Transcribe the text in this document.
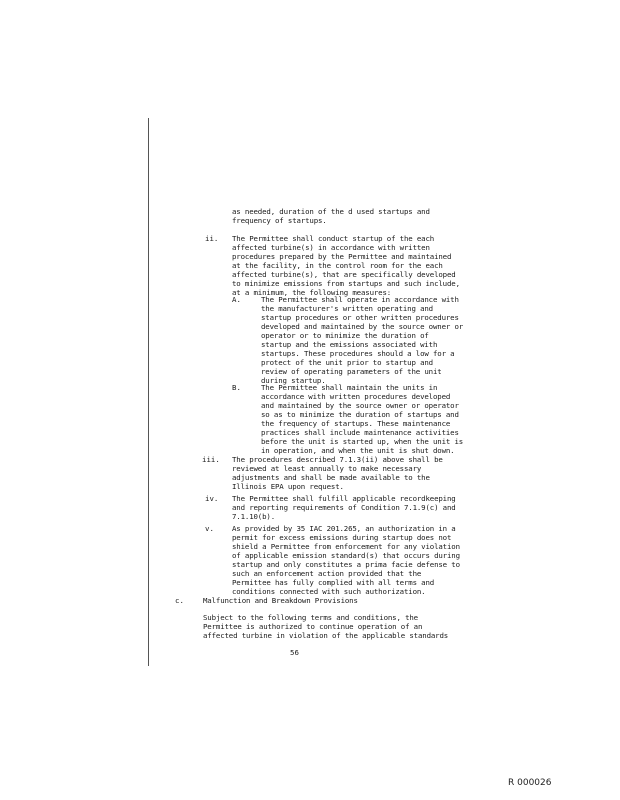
as needed, duration of the d used startups and
frequency of startups.
ii. The Permittee shall conduct startup of the each
affected turbine(s) in accordance with written
procedures prepared by the Permittee and maintained
at the facility, in the control room for the each
affected turbine(s), that are specifically developed
to minimize emissions from startups and such include,
at a minimum, the following measures:
A.	The Permittee shall operate in accordance with
the manufacturer's written operating and
startup procedures or other written procedures
developed and maintained by the source owner or
operator or to minimize the duration of
startup and the emissions associated with
startups. These procedures should a low for a
protect of the unit prior to startup and
review of operating parameters of the unit
during startup.
B.	The Permittee shall maintain the units in
accordance with written procedures developed
and maintained by the source owner or operator
so as to minimize the duration of startups and
the frequency of startups. These maintenance
practices shall include maintenance activities
before the unit is started up, when the unit is
in operation, and when the unit is shut down.
iii. The procedures described 7.1.3(ii) above shall be
reviewed at least annually to make necessary
adjustments and shall be made available to the
Illinois EPA upon request.
iv. The Permittee shall fulfill applicable recordkeeping
and reporting requirements of Condition 7.1.9(c) and
7.1.10(b).
v. As provided by 35 IAC 201.265, an authorization in a
permit for excess emissions during startup does not
shield a Permittee from enforcement for any violation
of applicable emission standard(s) that occurs during
startup and only constitutes a prima facie defense to
such an enforcement action provided that the
Permittee has fully complied with all terms and
conditions connected with such authorization.
c.	Malfunction and Breakdown Provisions
Subject to the following terms and conditions, the
Permittee is authorized to continue operation of an
affected turbine in violation of the applicable standards
56
R 000026
